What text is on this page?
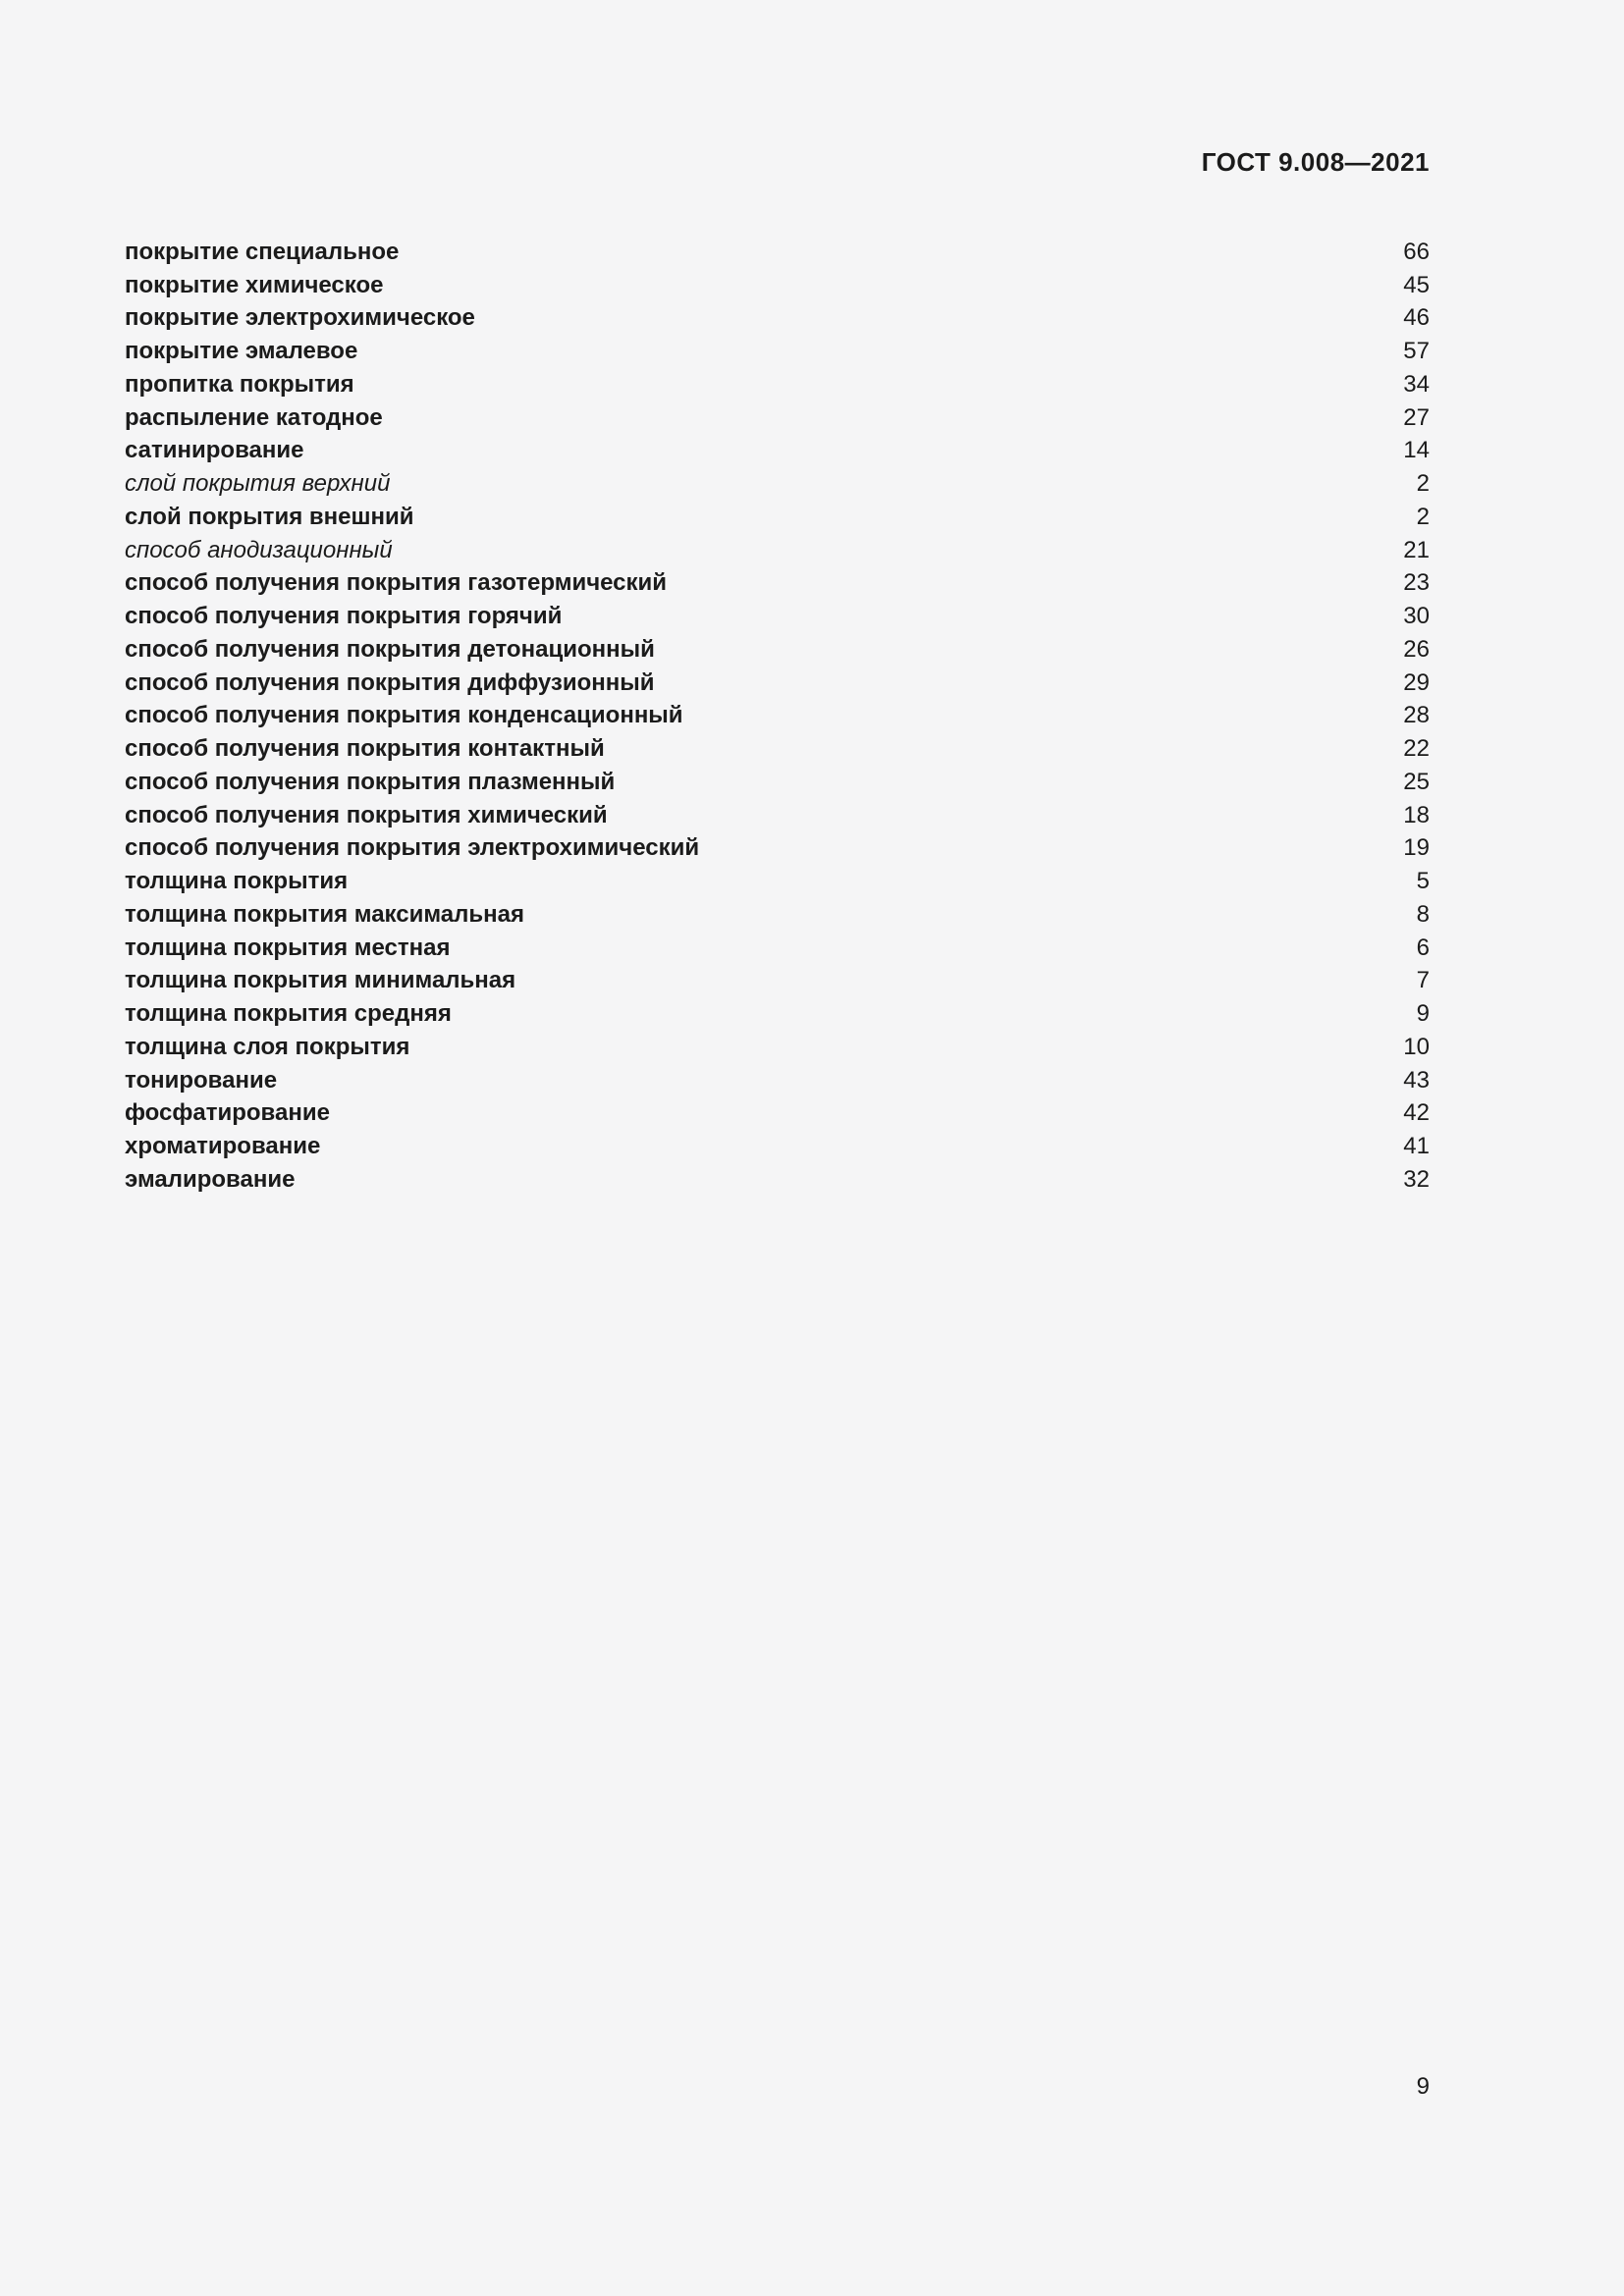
ГОСТ 9.008—2021
покрытие специальное	66
покрытие химическое	45
покрытие электрохимическое	46
покрытие эмалевое	57
пропитка покрытия	34
распыление катодное	27
сатинирование	14
слой покрытия верхний	2
слой покрытия внешний	2
способ анодизационный	21
способ получения покрытия газотермический	23
способ получения покрытия горячий	30
способ получения покрытия детонационный	26
способ получения покрытия диффузионный	29
способ получения покрытия конденсационный	28
способ получения покрытия контактный	22
способ получения покрытия плазменный	25
способ получения покрытия химический	18
способ получения покрытия электрохимический	19
толщина покрытия	5
толщина покрытия максимальная	8
толщина покрытия местная	6
толщина покрытия минимальная	7
толщина покрытия средняя	9
толщина слоя покрытия	10
тонирование	43
фосфатирование	42
хроматирование	41
эмалирование	32
9
